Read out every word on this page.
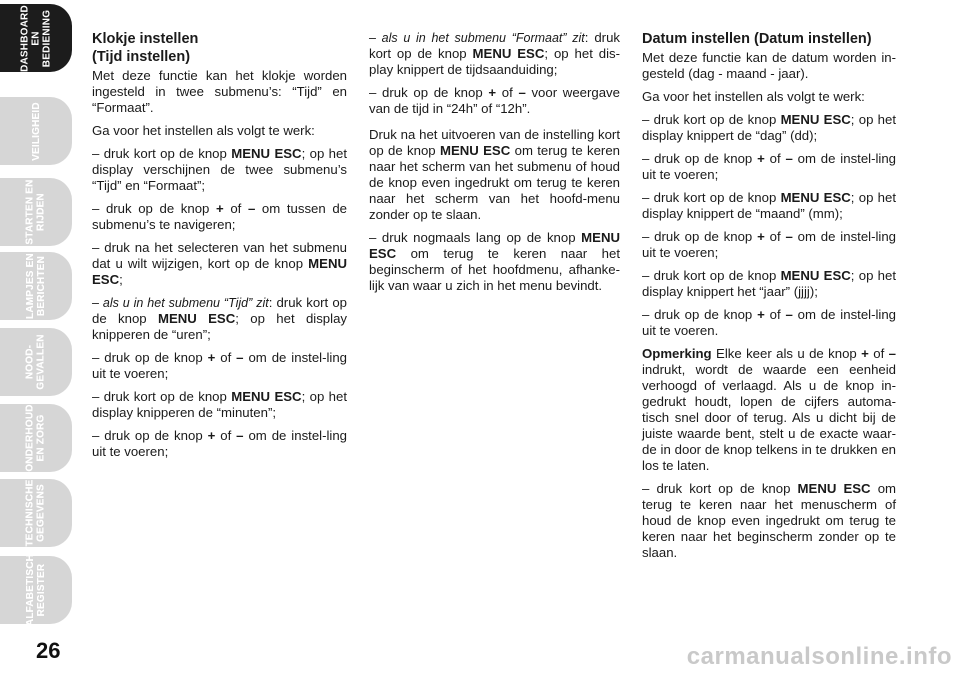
DASHBOARD
EN BEDIENING
VEILIGHEID
STARTEN EN
RIJDEN
LAMPJES EN
BERICHTEN
NOOD-
GEVALLEN
ONDERHOUD
EN ZORG
TECHNISCHE
GEGEVENS
ALFABETISCH
REGISTER
26
Klokje instellen
(Tijd instellen)

Met deze functie kan het klokje worden ingesteld in twee submenu’s: “Tijd” en “Formaat”.

Ga voor het instellen als volgt te werk:

– druk kort op de knop MENU ESC; op het display verschijnen de twee submenu’s “Tijd” en “Formaat”;

– druk op de knop + of – om tussen de submenu’s te navigeren;

– druk na het selecteren van het submenu dat u wilt wijzigen, kort op de knop MENU ESC;

– als u in het submenu “Tijd” zit: druk kort op de knop MENU ESC; op het display knipperen de “uren”;

– druk op de knop + of – om de instel-ling uit te voeren;

– druk kort op de knop MENU ESC; op het display knipperen de “minuten”;

– druk op de knop + of – om de instel-ling uit te voeren;

– als u in het submenu “Formaat” zit: druk kort op de knop MENU ESC; op het dis-play knippert de tijdsaanduiding;

– druk op de knop + of – voor weergave van de tijd in “24h” of “12h”.

Druk na het uitvoeren van de instelling kort op de knop MENU ESC om terug te keren naar het scherm van het submenu of houd de knop even ingedrukt om terug te keren naar het scherm van het hoofd-menu zonder op te slaan.

– druk nogmaals lang op de knop MENU ESC om terug te keren naar het beginscherm of het hoofdmenu, afhanke-lijk van waar u zich in het menu bevindt.

Datum instellen (Datum instellen)

Met deze functie kan de datum worden in-gesteld (dag - maand - jaar).

Ga voor het instellen als volgt te werk:

– druk kort op de knop MENU ESC; op het display knippert de “dag” (dd);

– druk op de knop + of – om de instel-ling uit te voeren;

– druk kort op de knop MENU ESC; op het display knippert de “maand” (mm);

– druk op de knop + of – om de instel-ling uit te voeren;

– druk kort op de knop MENU ESC; op het display knippert het “jaar” (jjjj);

– druk op de knop + of – om de instel-ling uit te voeren.

Opmerking Elke keer als u de knop + of – indrukt, wordt de waarde een eenheid verhoogd of verlaagd. Als u de knop in-gedrukt houdt, lopen de cijfers automa-tisch snel door of terug. Als u dicht bij de juiste waarde bent, stelt u de exacte waar-de in door de knop telkens in te drukken en los te laten.

– druk kort op de knop MENU ESC om terug te keren naar het menuscherm of houd de knop even ingedrukt om terug te keren naar het beginscherm zonder op te slaan.

carmanualsonline.info
